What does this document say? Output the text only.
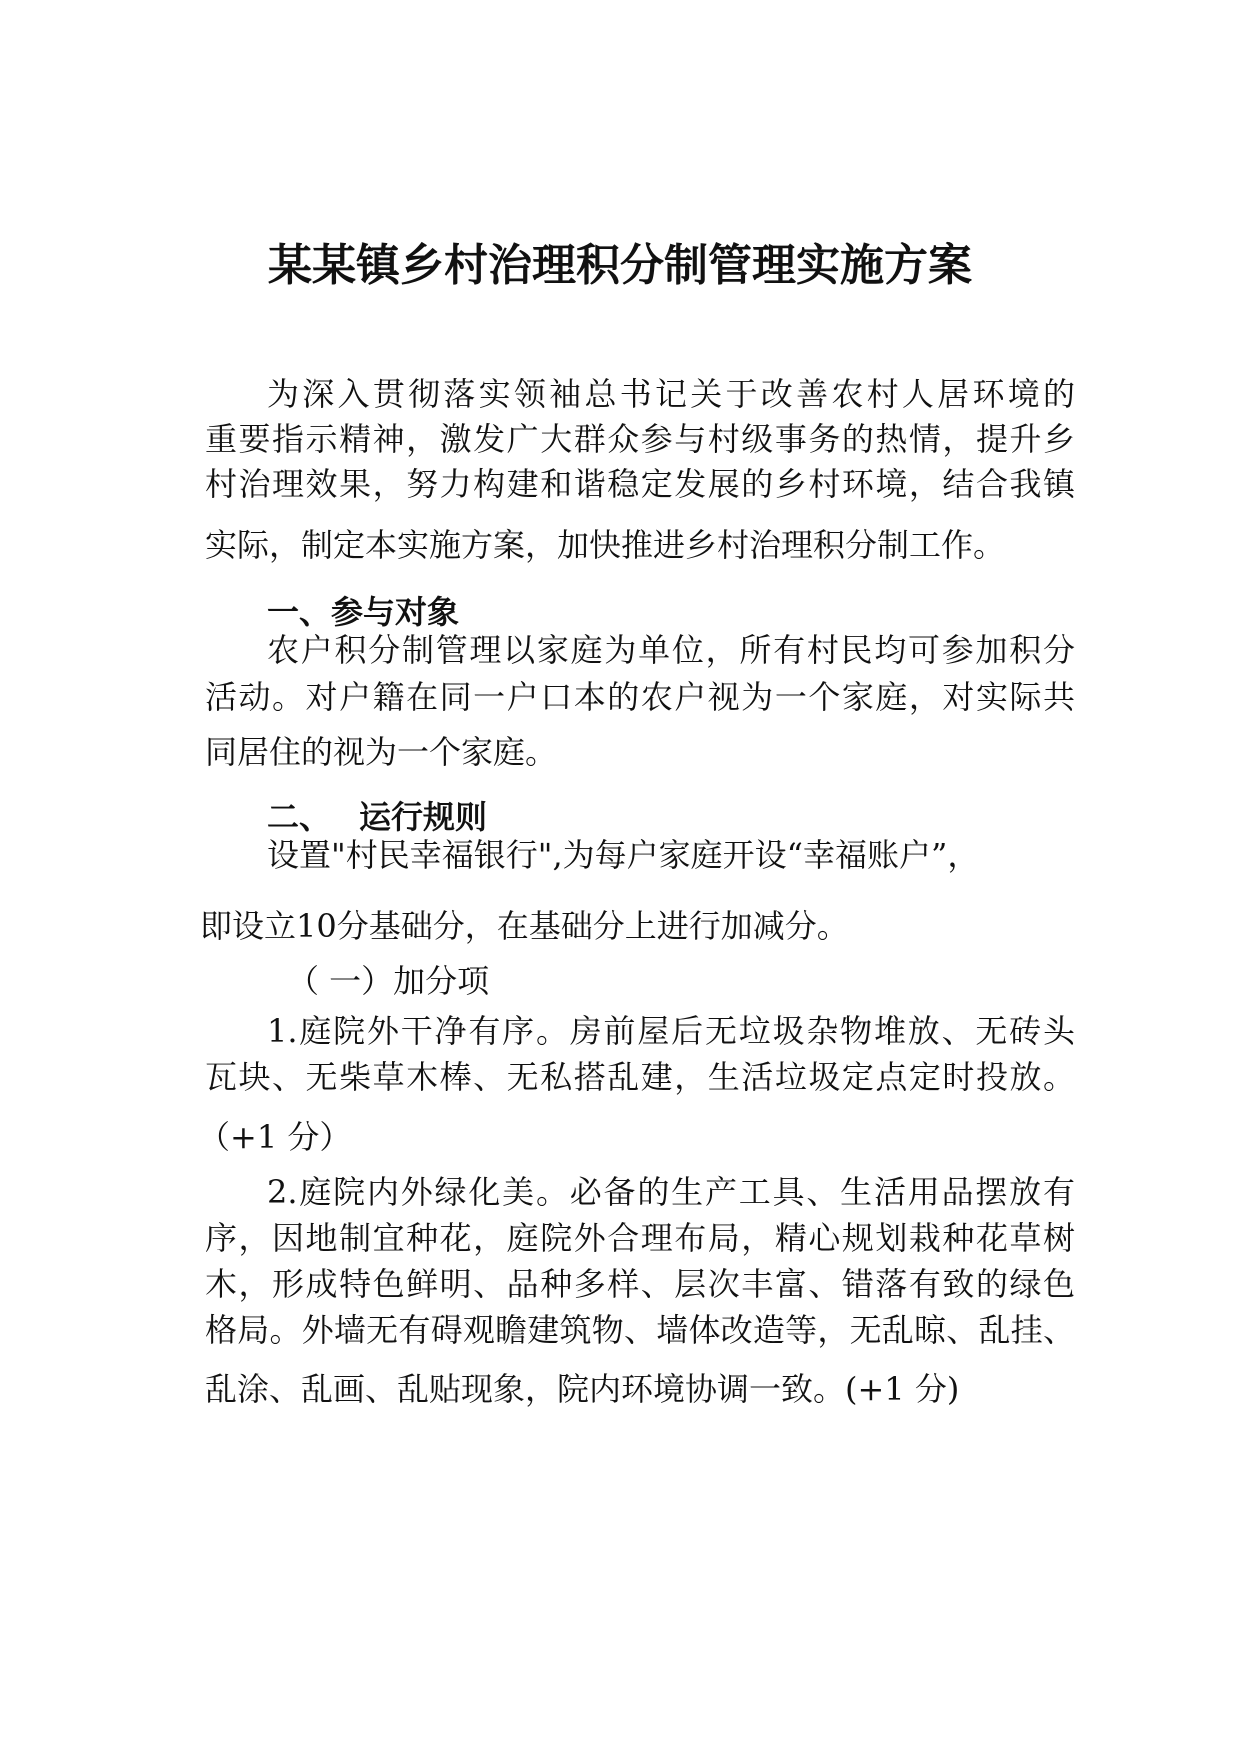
某某镇乡村治理积分制管理实施方案
为深入贯彻落实领袖总书记关于改善农村人居环境的
重要指示精神，激发广大群众参与村级事务的热情，提升乡
村治理效果，努力构建和谐稳定发展的乡村环境，结合我镇
实际，制定本实施方案，加快推进乡村治理积分制工作。
一、参与对象
农户积分制管理以家庭为单位，所有村民均可参加积分
活动。对户籍在同一户口本的农户视为一个家庭，对实际共
同居住的视为一个家庭。
二、 运行规则
设置"村民幸福银行",为每户家庭开设“幸福账户”，
即设立10分基础分，在基础分上进行加减分。
（ 一）加分项
1.庭院外干净有序。房前屋后无垃圾杂物堆放、无砖头
瓦块、无柴草木棒、无私搭乱建，生活垃圾定点定时投放。
（+1 分）
2.庭院内外绿化美。必备的生产工具、生活用品摆放有
序，因地制宜种花，庭院外合理布局，精心规划栽种花草树
木，形成特色鲜明、品种多样、层次丰富、错落有致的绿色
格局。外墙无有碍观瞻建筑物、墙体改造等，无乱晾、乱挂、
乱涂、乱画、乱贴现象，院内环境协调一致。(+1 分)
